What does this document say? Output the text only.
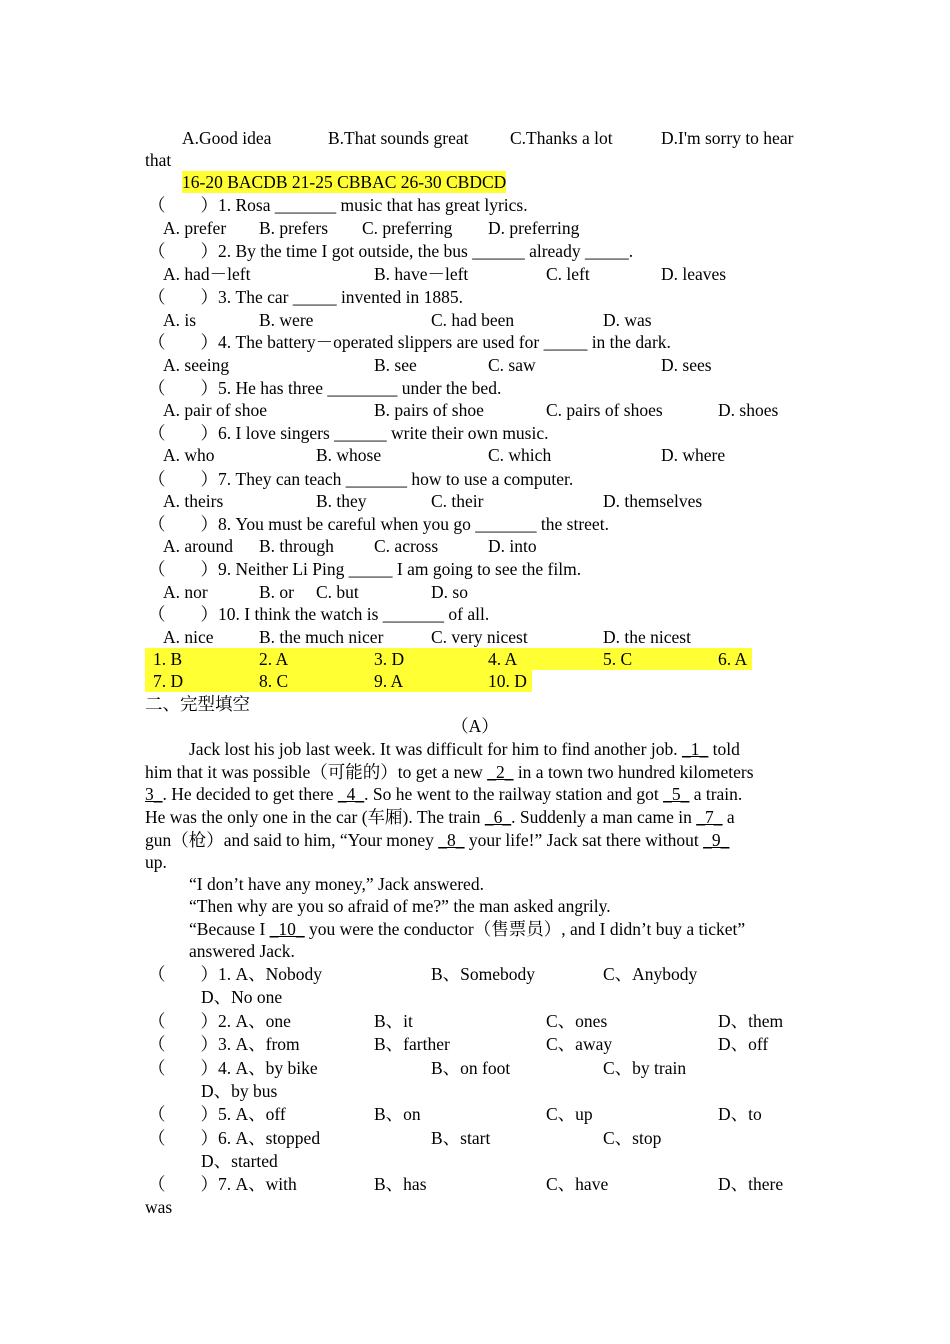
A.Good idea	B.That sounds great C.Thanks a lot	D.I'm sorry to hear
that
16-20 BACDB 21-25 CBBAC 26-30 CBDCD
（　　）1. Rosa _______ music that has great lyrics.
A. prefer B. prefers C. preferring D. preferring
（　　）2. By the time I got outside, the bus ______ already _____.
A. had－left	B. have－left	C. left	D. leaves
（　　）3. The car _____ invented in 1885.
A. is	B. were	C. had been	D. was
（　　）4. The battery－operated slippers are used for _____ in the dark.
A. seeing	B. see	C. saw	D. sees
（　　）5. He has three ________ under the bed.
A. pair of shoe	B. pairs of shoe	C. pairs of shoes	D. shoes
（　　）6. I love singers ______ write their own music.
A. who	B. whose	C. which	D. where
（　　）7. They can teach _______ how to use a computer.
A. theirs	B. they	C. their	D. themselves
（　　）8. You must be careful when you go _______ the street.
A. around B. through C. across	D. into
（　　）9. Neither Li Ping _____ I am going to see the film.
A. nor	B. or C. but	D. so
（　　）10. I think the watch is _______ of all.
A. nice	B. the much nicer	C. very nicest	D. the nicest
1. B	2. A	3. D	4. A	5. C	6. A
7. D	8. C	9. A	10. D
二、完型填空
（A）
Jack lost his job last week. It was difficult for him to find another job. _1_ told
him that it was possible（可能的）to get a new _2_ in a town two hundred kilometers
3_. He decided to get there _4_. So he went to the railway station and got _5_ a train.
He was the only one in the car (车厢). The train _6_. Suddenly a man came in _7_ a
gun（枪）and said to him, “Your money _8_ your life!” Jack sat there without _9_
up.
“I don’t have any money,” Jack answered.
“Then why are you so afraid of me?” the man asked angrily.
“Because I _10_ you were the conductor（售票员）, and I didn’t buy a ticket”
answered Jack.
（　　）1. A、Nobody	B、Somebody	C、Anybody
D、No one
（　　）2. A、one	B、it	C、ones	D、them
（　　）3. A、from	B、farther	C、away	D、off
（　　）4. A、by bike	B、on foot	C、by train
D、by bus
（　　）5. A、off	B、on	C、up	D、to
（　　）6. A、stopped	B、start	C、stop
D、started
（　　）7. A、with	B、has	C、have	D、there
was
